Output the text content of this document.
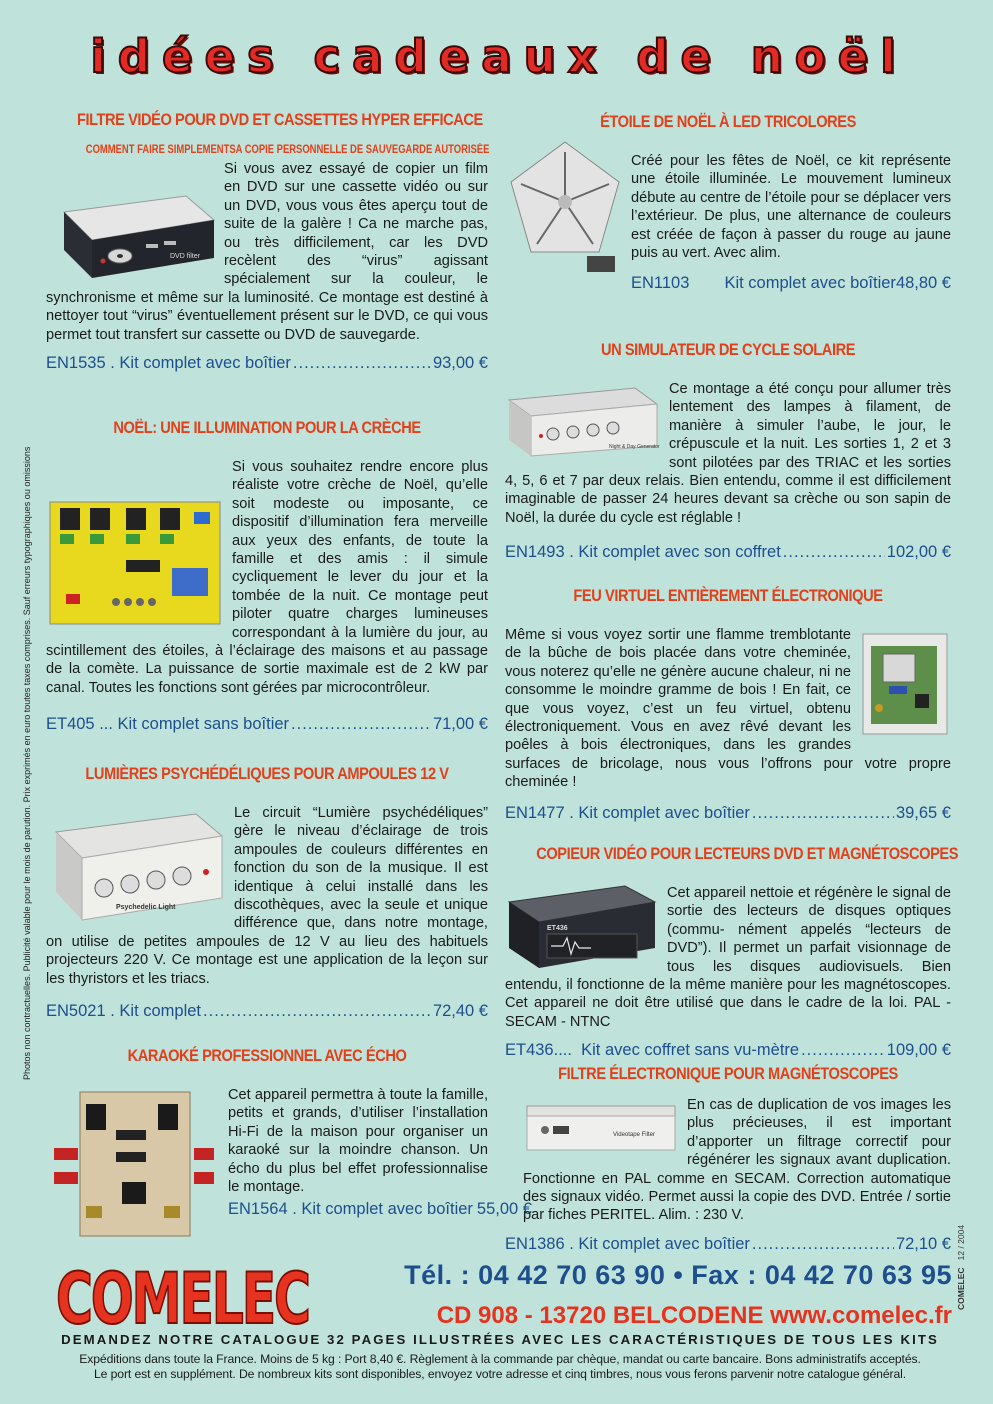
idées cadeaux de noël
Photos non contractuelles. Publicité valable pour le mois de parution. Prix exprimés en euro toutes taxes comprises. Sauf erreurs typographiques ou omissions
FILTRE VIDÉO POUR DVD ET CASSETTES HYPER EFFICACE
COMMENT FAIRE SIMPLEMENTSA COPIE PERSONNELLE DE SAUVEGARDE AUTORISÉE
DVD filter
Si vous avez essayé de copier un film en DVD sur une cassette vidéo ou sur un DVD, vous vous êtes aperçu tout de suite de la galère ! Ca ne marche pas, ou très difficilement, car les DVD recèlent des “virus” agissant spécialement sur la couleur, le synchronisme et même sur la luminosité. Ce montage est destiné à nettoyer tout “virus” éventuellement présent sur le DVD, ce qui vous permet tout transfert sur cassette ou DVD de sauvegarde.
EN1535 . Kit complet avec boîtier .....	93,00 €
NOËL: UNE ILLUMINATION POUR LA CRÈCHE
Si vous souhaitez rendre encore plus réaliste votre crèche de Noël, qu’elle soit modeste ou imposante, ce dispositif d’illumination fera merveille aux yeux des enfants, de toute la famille et des amis : il simule cycliquement le lever du jour et la tombée de la nuit. Ce montage peut piloter quatre charges lumineuses correspondant à la lumière du jour, au scintillement des étoiles, à l’éclairage des maisons et au passage de la comète. La puissance de sortie maximale est de 2 kW par canal. Toutes les fonctions sont gérées par microcontrôleur.
ET405 ...
Kit complet sans boîtier .....	71,00 €
LUMIÈRES PSYCHÉDÉLIQUES POUR AMPOULES 12 V
Psychedelic Light
Le circuit “Lumière psychédéliques” gère le niveau d’éclairage de trois ampoules de couleurs différentes en fonction du son de la musique. Il est identique à celui installé dans les discothèques, avec la seule et unique différence que, dans notre montage, on utilise de petites ampoules de 12 V au lieu des habituels projecteurs 220 V. Ce montage est une application de la leçon sur les thyristors et les triacs.
EN5021 . Kit complet .....	72,40 €
KARAOKÉ PROFESSIONNEL AVEC ÉCHO
Cet appareil permettra à toute la famille, petits et grands, d’utiliser l’installation Hi-Fi de la maison pour organiser un karaoké sur la moindre chanson. Un écho du plus bel effet professionnalise le montage.
EN1564 . Kit complet avec boîtier 55,00 €
ÉTOILE DE NOËL À LED TRICOLORES
Créé pour les fêtes de Noël, ce kit représente une étoile illuminée. Le mouvement lumineux débute au centre de l’étoile pour se déplacer vers l’extérieur. De plus, une alternance de couleurs est créée de façon à passer du rouge au jaune puis au vert. Avec alim.
EN1103	Kit complet avec boîtier 48,80 €
UN SIMULATEUR DE CYCLE SOLAIRE
Night & Day Generator
Ce montage a été conçu pour allumer très lentement des lampes à filament, de manière à simuler l’aube, le jour, le crépuscule et la nuit. Les sorties 1, 2 et 3 sont pilotées par des TRIAC et les sorties 4, 5, 6 et 7 par deux relais. Bien entendu, comme il est difficilement imaginable de passer 24 heures devant sa crèche ou son sapin de Noël, la durée du cycle est réglable !
EN1493 . Kit complet avec son coffret .....	102,00 €
FEU VIRTUEL ENTIÈREMENT ÉLECTRONIQUE
Même si vous voyez sortir une flamme tremblotante de la bûche de bois placée dans votre cheminée, vous noterez qu’elle ne génère aucune chaleur, ni ne consomme le moindre gramme de bois ! En fait, ce que vous voyez, c’est un feu virtuel, obtenu électroniquement. Vous en avez rêvé devant les poêles à bois électroniques, dans les grandes surfaces de bricolage, nous vous l’offrons pour votre propre cheminée !
EN1477 . Kit complet avec boîtier .....	39,65 €
COPIEUR VIDÉO POUR LECTEURS DVD ET MAGNÉTOSCOPES
ET436
Cet appareil nettoie et régénère le signal de sortie des lecteurs de disques optiques (commu- nément appelés “lecteurs de DVD”). Il permet un parfait visionnage de tous les disques audiovisuels. Bien entendu, il fonctionne de la même manière pour les magnétoscopes. Cet appareil ne doit être utilisé que dans le cadre de la loi. PAL - SECAM - NTNC
ET436....
Kit avec coffret sans vu-mètre .....	109,00 €
FILTRE ÉLECTRONIQUE POUR MAGNÉTOSCOPES
Videotape Filter
En cas de duplication de vos images les plus précieuses, il est important d’apporter un filtrage correctif pour régénérer les signaux avant duplication. Fonctionne en PAL comme en SECAM. Correction automatique des signaux vidéo. Permet aussi la copie des DVD. Entrée / sortie par fiches PERITEL. Alim. : 230 V.
EN1386 . Kit complet avec boîtier .....	72,10 €
COMELEC	Tél. : 04 42 70 63 90 • Fax : 04 42 70 63 95
CD 908 - 13720 BELCODENE www.comelec.fr
DEMANDEZ NOTRE CATALOGUE 32 PAGES ILLUSTRÉES AVEC LES CARACTÉRISTIQUES DE TOUS LES KITS
Expéditions dans toute la France. Moins de 5 kg : Port 8,40 €. Règlement à la commande par chèque, mandat ou carte bancaire. Bons administratifs acceptés.
Le port est en supplément. De nombreux kits sont disponibles, envoyez votre adresse et cinq timbres, nous vous ferons parvenir notre catalogue général.
COMELEC   12 / 2004
